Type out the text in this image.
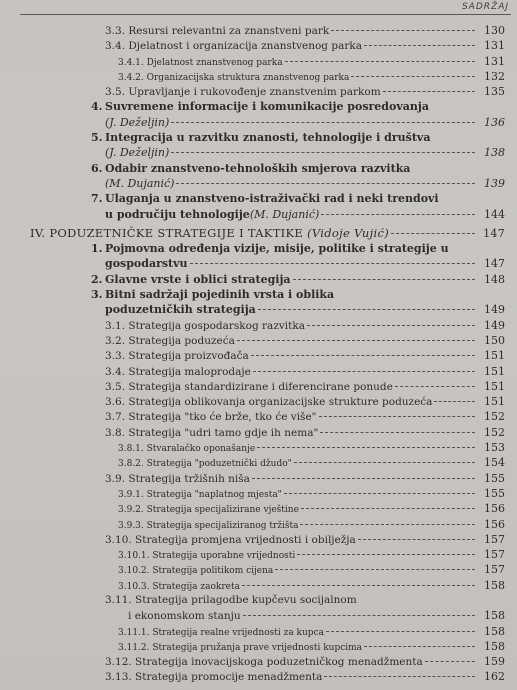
SADRŽAJ
3.3. Resursi relevantni za znanstveni park	130
3.4. Djelatnost i organizacija znanstvenog parka	131
3.4.1. Djelatnost znanstvenog parka	131
3.4.2. Organizacijska struktura znanstvenog parka	132
3.5. Upravljanje i rukovođenje znanstvenim parkom	135
4. Suvremene informacije i komunikacije posredovanja
(J. Deželjin)	136
5. Integracija u razvitku znanosti, tehnologije i društva
(J. Deželjin)	138
6. Odabir znanstveno-tehnoloških smjerova razvitka
(M. Dujanić)	139
7. Ulaganja u znanstveno-istraživački rad i neki trendovi
u područiju tehnologije (M. Dujanić)	144
IV. PODUZETNIČKE STRATEGIJE I TAKTIKE (Vidoje Vujić)	147
1. Pojmovna određenja vizije, misije, politike i strategije u
gospodarstvu	147
2. Glavne vrste i oblici strategija	148
3. Bitni sadržaji pojedinih vrsta i oblika
poduzetničkih strategija	149
3.1. Strategija gospodarskog razvitka	149
3.2. Strategija poduzeća	150
3.3. Strategija proizvođača	151
3.4. Strategija maloprodaje	151
3.5. Strategija standardizirane i diferencirane ponude	151
3.6. Strategija oblikovanja organizacijske strukture poduzeća	151
3.7. Strategija "tko će brže, tko će više"	152
3.8. Strategija "udri tamo gdje ih nema"	152
3.8.1. Stvaralačko oponašanje	153
3.8.2. Strategija "poduzetnički džudo"	154
3.9. Strategija tržišnih niša	155
3.9.1. Strategija "naplatnog mjesta"	155
3.9.2. Strategija specijalizirane vještine	156
3.9.3. Strategija specijaliziranog tržišta	156
3.10. Strategija promjena vrijednosti i obilježja	157
3.10.1. Strategija uporabne vrijednosti	157
3.10.2. Strategija politikom cijena	157
3.10.3. Strategija zaokreta	158
3.11. Strategija prilagodbe kupčevu socijalnom
i ekonomskom stanju	158
3.11.1. Strategija realne vrijednosti za kupca	158
3.11.2. Strategija pružanja prave vrijednosti kupcima	158
3.12. Strategija inovacijskoga poduzetničkog menadžmenta	159
3.13. Strategija promocije menadžmenta	162
